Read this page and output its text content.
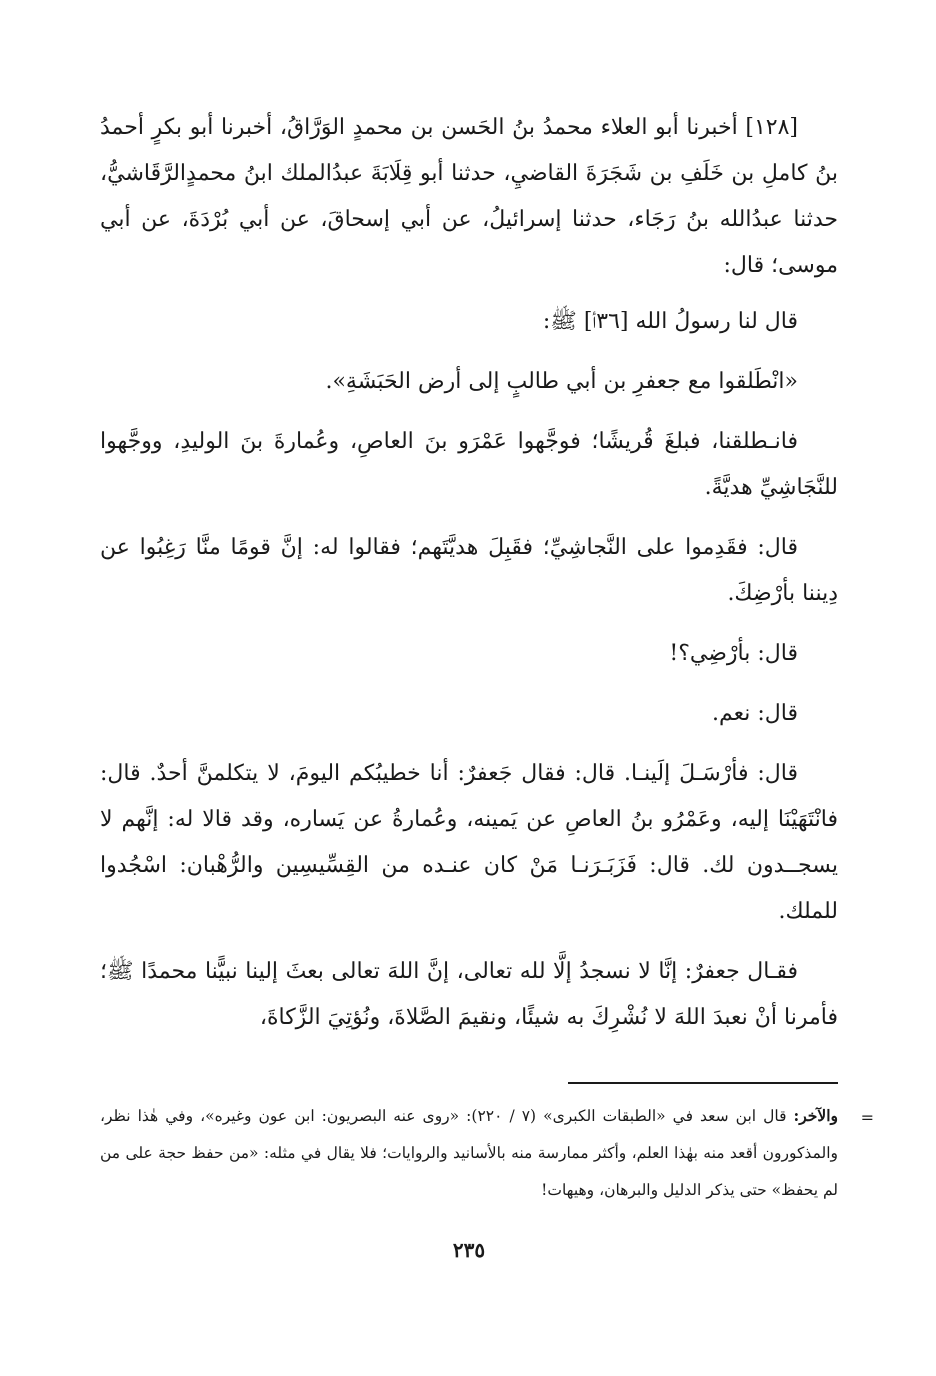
[١٢٨] أخبرنا أبو العلاء محمدُ بنُ الحَسن بن محمدٍ الوَرَّاقُ، أخبرنا أبو بكرٍ أحمدُ بنُ كاملِ بن خَلَفِ بن شَجَرَةَ القاضيِ، حدثنا أبو قِلَابَةَ عبدُالملك ابنُ محمدٍالرَّقَاشيُّ، حدثنا عبدُالله بنُ رَجَاء، حدثنا إسرائيلُ، عن أبي إسحاقَ، عن أبي بُرْدَةَ، عن أبي موسى؛ قال:

قال لنا رسولُ الله [٣٦أ] ﷺ:

«انْطَلقوا مع جعفرِ بن أبي طالبٍ إلى أرض الحَبَشَةِ».

فانـطلقنا، فبلغَ قُريشًا؛ فوجَّهوا عَمْرَو بنَ العاصِ، وعُمارةَ بنَ الوليدِ، ووجَّهوا للنَّجَاشِيِّ هديَّةً.

قال: فقَدِموا على النَّجاشِيِّ؛ فقَبِلَ هديَّتَهم؛ فقالوا له: إنَّ قومًا منَّا رَغِبُوا عن دِيننا بأرْضِكَ.

قال: بأرْضِي؟!

قال: نعم.

قال: فأرْسَـلَ إلَينـا. قال: فقال جَعفرٌ: أنا خطيبُكم اليومَ، لا يتكلمنَّ أحدٌ. قال: فانْتَهَيْنَا إليه، وعَمْرُو بنُ العاصِ عن يَمينه، وعُمارةُ عن يَساره، وقد قالا له: إنَّهم لا يسجــدون لك. قال: فَزَبَـرَنـا مَنْ كان عنـده من القِسِّيسِين والرُّهْبان: اسْجُدوا للملك.

فقـال جعفرٌ: إنَّا لا نسجدُ إلَّا لله تعالى، إنَّ اللهَ تعالى بعثَ إلينا نبيًّنا محمدًا ﷺ؛ فأمرنا أنْ نعبدَ اللهَ لا نُشْرِكَ به شيئًا، ونقيمَ الصَّلاةَ، ونُؤتِيَ الزَّكاةَ،

=

والآخر: قال ابن سعد في «الطبقات الكبرى» (٧ / ٢٢٠): «روى عنه البصريون: ابن عون وغيره»، وفي هٰذا نظر، والمذكورون أقعد منه بهٰذا العلم، وأكثر ممارسة منه بالأسانيد والروايات؛ فلا يقال في مثله: «من حفظ حجة على من لم يحفظ» حتى يذكر الدليل والبرهان، وهيهات!

٢٣٥
